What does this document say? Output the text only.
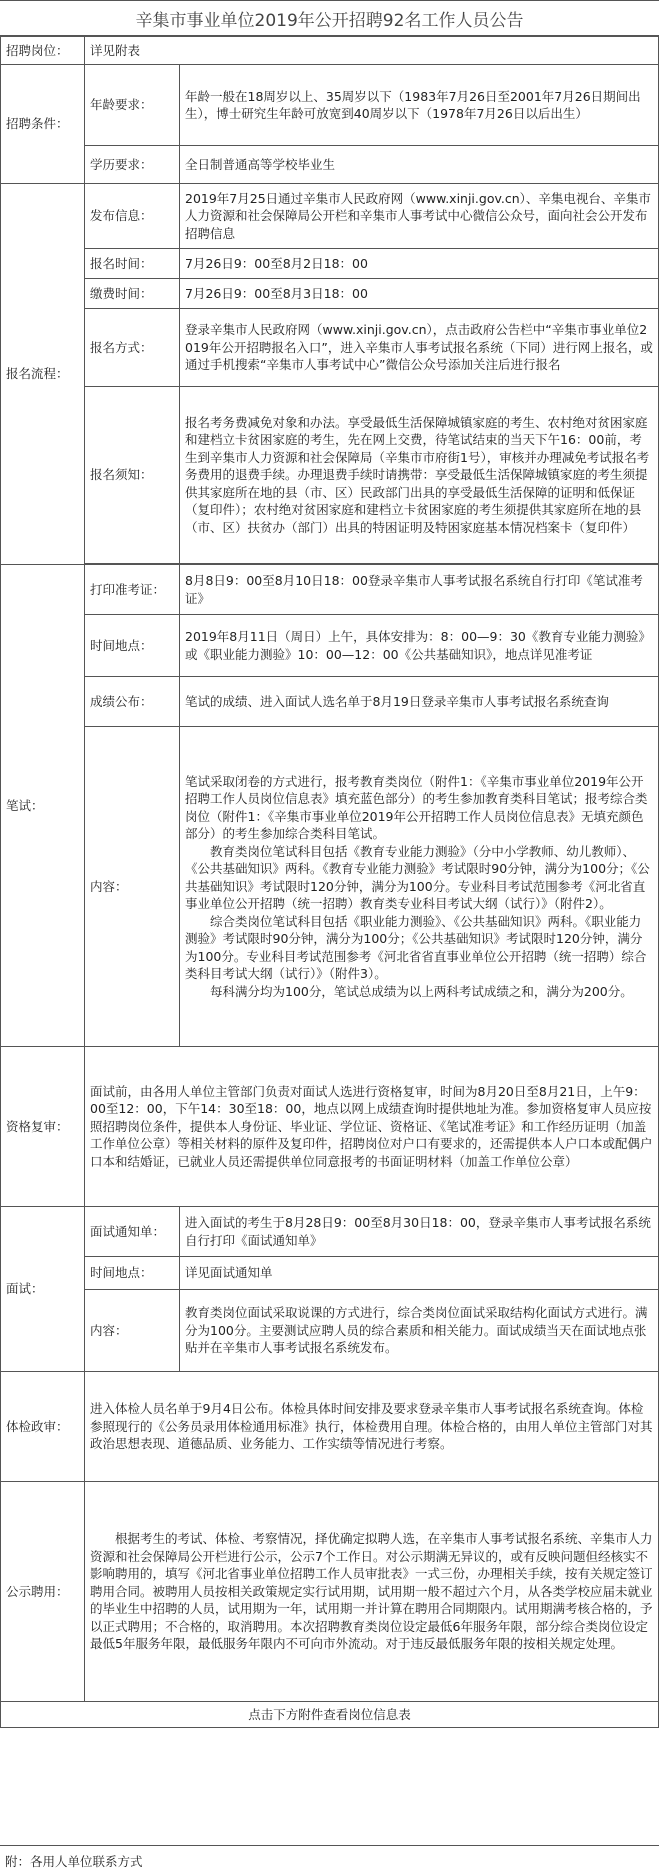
辛集市事业单位2019年公开招聘92名工作人员公告
招聘岗位：	详见附表	
招聘条件：	年龄要求：	年龄一般在18周岁以上、35周岁以下（1983年7月26日至2001年7月26日期间出生），博士研究生年龄可放宽到40周岁以下（1978年7月26日以后出生）
	学历要求：	全日制普通高等学校毕业生
报名流程：	发布信息：	2019年7月25日通过辛集市人民政府网（www.xinji.gov.cn）、辛集电视台、辛集市人力资源和社会保障局公开栏和辛集市人事考试中心微信公众号，面向社会公开发布招聘信息
	报名时间：	7月26日9：00至8月2日18：00
	缴费时间：	7月26日9：00至8月3日18：00
	报名方式：	登录辛集市人民政府网（www.xinji.gov.cn），点击政府公告栏中“辛集市事业单位2019年公开招聘报名入口”，进入辛集市人事考试报名系统（下同）进行网上报名，或通过手机搜索“辛集市人事考试中心”微信公众号添加关注后进行报名
	报名须知：	报名考务费减免对象和办法。享受最低生活保障城镇家庭的考生、农村绝对贫困家庭和建档立卡贫困家庭的考生，先在网上交费，待笔试结束的当天下午16：00前，考生到辛集市人力资源和社会保障局（辛集市市府街1号），审核并办理减免考试报名考务费用的退费手续。办理退费手续时请携带：享受最低生活保障城镇家庭的考生须提供其家庭所在地的县（市、区）民政部门出具的享受最低生活保障的证明和低保证（复印件）；农村绝对贫困家庭和建档立卡贫困家庭的考生须提供其家庭所在地的县（市、区）扶贫办（部门）出具的特困证明及特困家庭基本情况档案卡（复印件）

笔试：	打印准考证：	8月8日9：00至8月10日18：00登录辛集市人事考试报名系统自行打印《笔试准考证》
	时间地点：	2019年8月11日（周日）上午，具体安排为：8：00—9：30《教育专业能力测验》或《职业能力测验》10：00—12：00《公共基础知识》，地点详见准考证
	成绩公布：	笔试的成绩、进入面试人选名单于8月19日登录辛集市人事考试报名系统查询
	内容：	笔试采取闭卷的方式进行，报考教育类岗位（附件1：《辛集市事业单位2019年公开招聘工作人员岗位信息表》填充蓝色部分）的考生参加教育类科目笔试；报考综合类岗位（附件1：《辛集市事业单位2019年公开招聘工作人员岗位信息表》无填充颜色部分）的考生参加综合类科目笔试。
教育类岗位笔试科目包括《教育专业能力测验》（分中小学教师、幼儿教师）、《公共基础知识》两科。《教育专业能力测验》考试限时90分钟，满分为100分；《公共基础知识》考试限时120分钟，满分为100分。专业科目考试范围参考《河北省直事业单位公开招聘（统一招聘）教育类专业科目考试大纲（试行）》（附件2）。
综合类岗位笔试科目包括《职业能力测验》、《公共基础知识》两科。《职业能力测验》考试限时90分钟，满分为100分；《公共基础知识》考试限时120分钟，满分为100分。专业科目考试范围参考《河北省省直事业单位公开招聘（统一招聘）综合类科目考试大纲（试行）》（附件3）。
每科满分均为100分，笔试总成绩为以上两科考试成绩之和，满分为200分。

资格复审：	面试前，由各用人单位主管部门负责对面试人选进行资格复审，时间为8月20日至8月21日，上午9：00至12：00，下午14：30至18：00，地点以网上成绩查询时提供地址为准。参加资格复审人员应按照招聘岗位条件，提供本人身份证、毕业证、学位证、资格证、《笔试准考证》和工作经历证明（加盖工作单位公章）等相关材料的原件及复印件，招聘岗位对户口有要求的，还需提供本人户口本或配偶户口本和结婚证，已就业人员还需提供单位同意报考的书面证明材料（加盖工作单位公章）	
面试：	面试通知单：	进入面试的考生于8月28日9：00至8月30日18：00，登录辛集市人事考试报名系统自行打印《面试通知单》
	时间地点：	详见面试通知单
	内容：	教育类岗位面试采取说课的方式进行，综合类岗位面试采取结构化面试方式进行。满分为100分。主要测试应聘人员的综合素质和相关能力。面试成绩当天在面试地点张贴并在辛集市人事考试报名系统发布。
体检政审：	进入体检人员名单于9月4日公布。体检具体时间安排及要求登录辛集市人事考试报名系统查询。体检参照现行的《公务员录用体检通用标准》执行，体检费用自理。体检合格的，由用人单位主管部门对其政治思想表现、道德品质、业务能力、工作实绩等情况进行考察。	
公示聘用：	根据考生的考试、体检、考察情况，择优确定拟聘人选，在辛集市人事考试报名系统、辛集市人力资源和社会保障局公开栏进行公示，公示7个工作日。对公示期满无异议的，或有反映问题但经核实不影响聘用的，填写《河北省事业单位招聘工作人员审批表》一式三份，办理相关手续，按有关规定签订聘用合同。被聘用人员按相关政策规定实行试用期，试用期一般不超过六个月，从各类学校应届未就业的毕业生中招聘的人员，试用期为一年，试用期一并计算在聘用合同期限内。试用期满考核合格的，予以正式聘用；不合格的，取消聘用。本次招聘教育类岗位设定最低6年服务年限，部分综合类岗位设定最低5年服务年限，最低服务年限内不可向市外流动。对于违反最低服务年限的按相关规定处理。	
点击下方附件查看岗位信息表		
附：各用人单位联系方式
